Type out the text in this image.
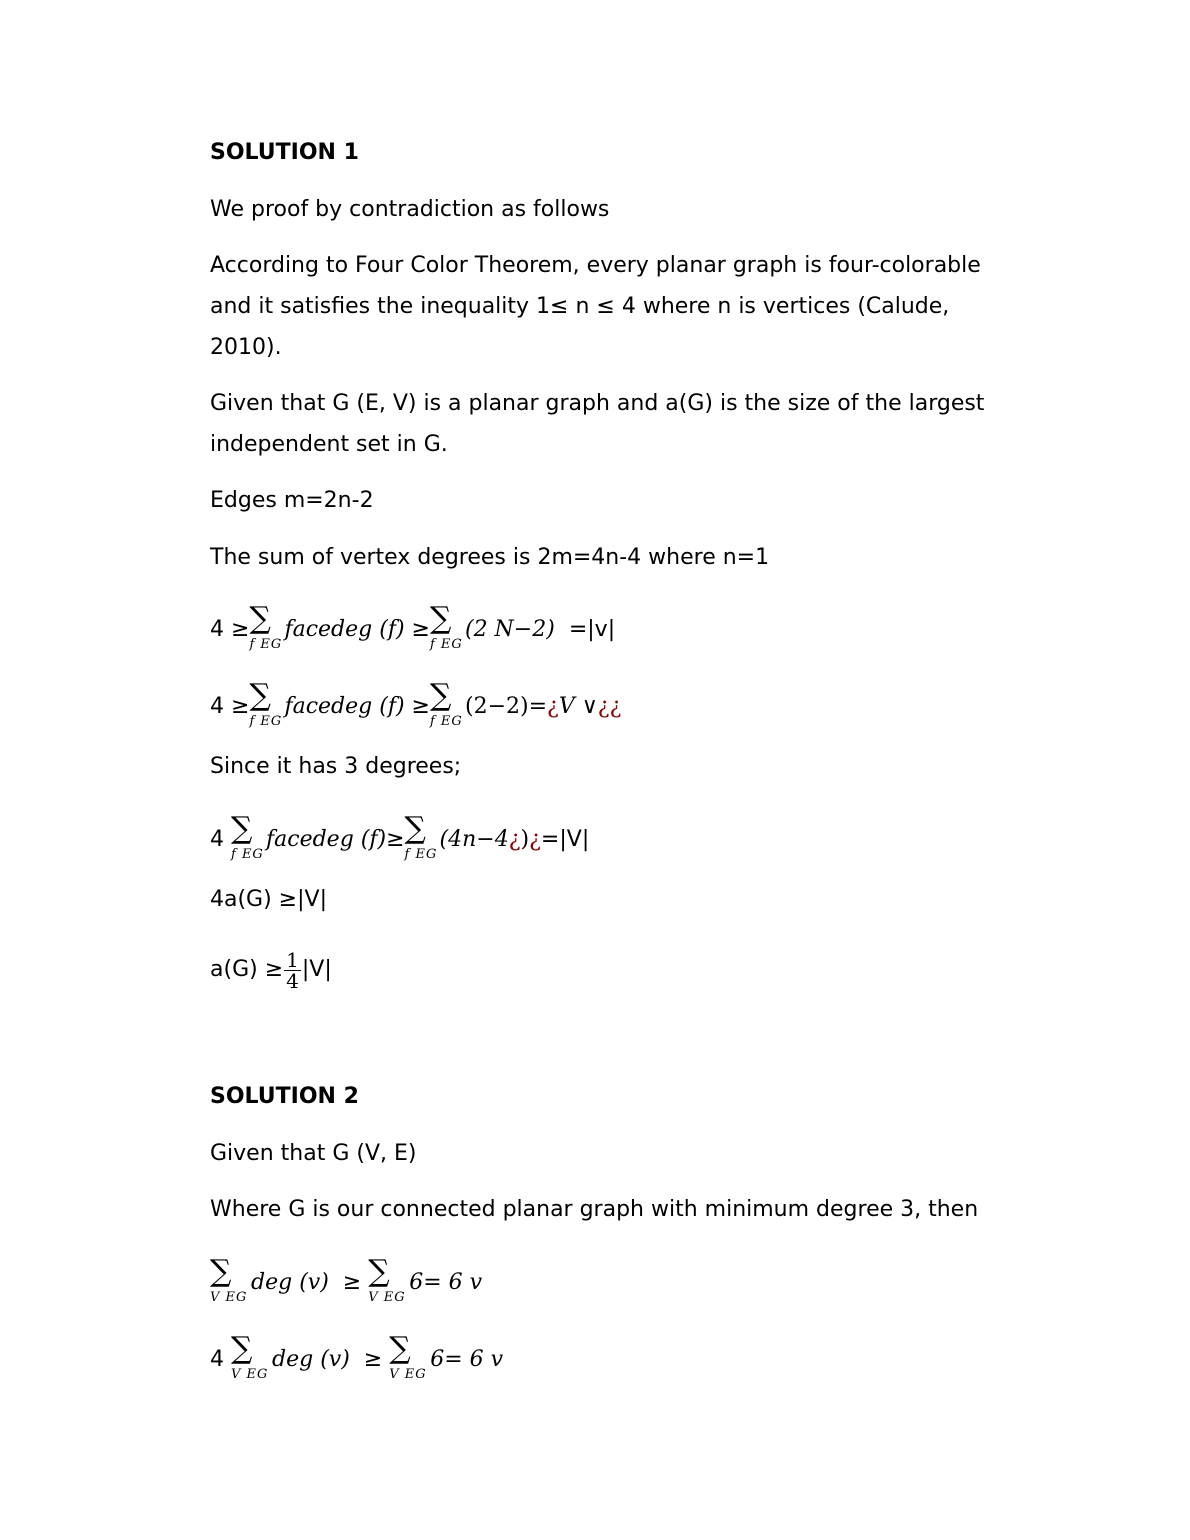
SOLUTION 1
We proof by contradiction as follows
According to Four Color Theorem, every planar graph is four-colorable
and it satisfies the inequality 1≤ n ≤ 4 where n is vertices (Calude,
2010).
Given that G (E, V) is a planar graph and a(G) is the size of the largest
independent set in G.
Edges m=2n-2
The sum of vertex degrees is 2m=4n-4 where n=1
4 ≥ ∑
f EG
facedeg (f) ≥ ∑
f EG
(2 N−2) =|v|
4 ≥ ∑
f EG
facedeg (f) ≥ ∑
f EG
(2−2)=¿V ∨¿¿
Since it has 3 degrees;
4 ∑
f EG
facedeg (f)≥ ∑
f EG
(4n−4¿)¿=|V|
4a(G) ≥|V|
$a(G) \ge \frac{1}{4} |V|$
SOLUTION 2
Given that G (V, E)
Where G is our connected planar graph with minimum degree 3, then
∑
V EG
deg (v) ≥ ∑
V EG
6= 6 v
4 ∑
V EG
deg (v) ≥ ∑
V EG
6= 6 v
